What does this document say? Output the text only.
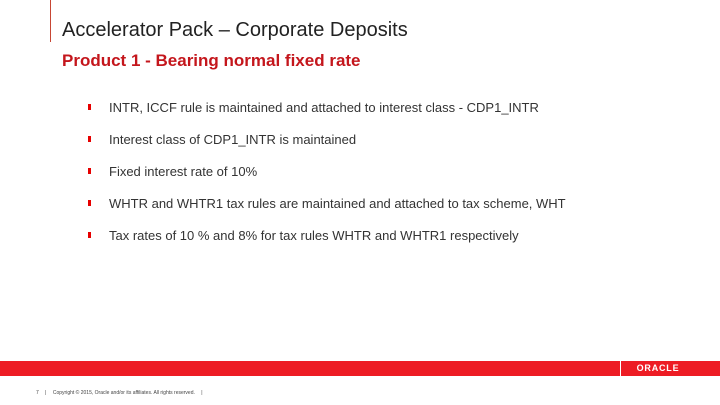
Accelerator Pack – Corporate Deposits
Product 1 - Bearing normal fixed rate
INTR, ICCF rule is maintained and attached to interest class - CDP1_INTR
Interest class of CDP1_INTR is maintained
Fixed interest rate of 10%
WHTR and WHTR1 tax rules are maintained and attached to tax scheme, WHT
Tax rates of 10 % and 8% for tax rules WHTR and WHTR1 respectively
ORACLE
7 | Copyright © 2015, Oracle and/or its affiliates. All rights reserved. |
